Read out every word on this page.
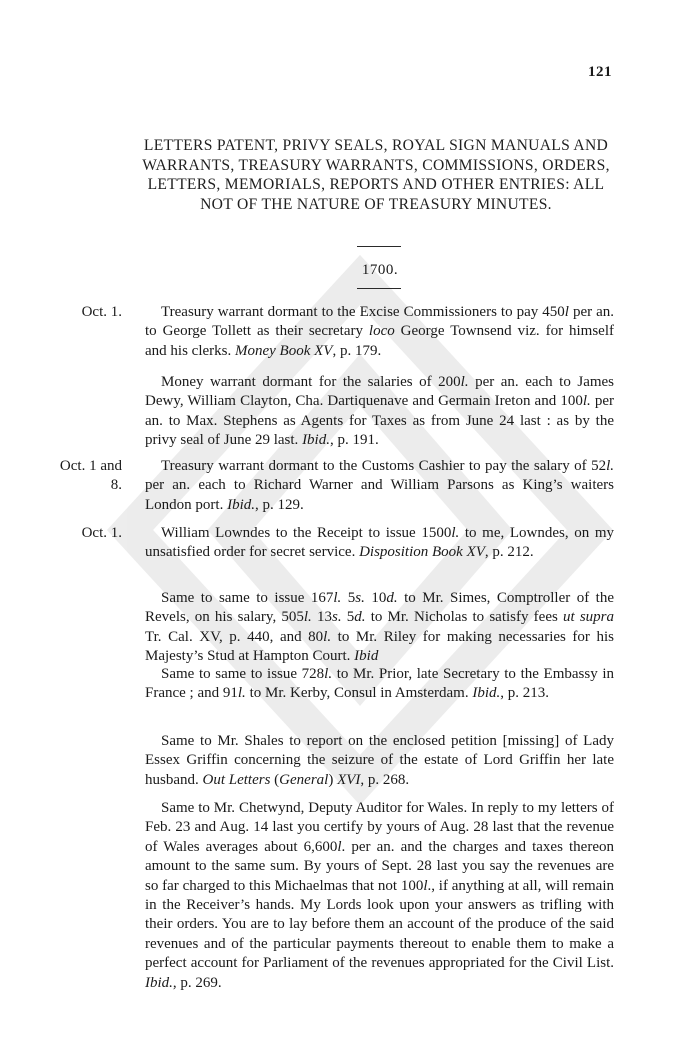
121
LETTERS PATENT, PRIVY SEALS, ROYAL SIGN MANUALS AND WARRANTS, TREASURY WARRANTS, COMMISSIONS, ORDERS, LETTERS, MEMORIALS, REPORTS AND OTHER ENTRIES: ALL NOT OF THE NATURE OF TREASURY MINUTES.
1700.
Oct. 1.	Treasury warrant dormant to the Excise Commissioners to pay 450l per an. to George Tollett as their secretary loco George Townsend viz. for himself and his clerks. Money Book XV, p. 179.
Money warrant dormant for the salaries of 200l. per an. each to James Dewy, William Clayton, Cha. Dartiquenave and Germain Ireton and 100l. per an. to Max. Stephens as Agents for Taxes as from June 24 last : as by the privy seal of June 29 last. Ibid., p. 191.
Oct. 1 and
8.
Treasury warrant dormant to the Customs Cashier to pay the salary of 52l. per an. each to Richard Warner and William Parsons as King’s waiters London port. Ibid., p. 129.
Oct. 1.	William Lowndes to the Receipt to issue 1500l. to me, Lowndes, on my unsatisfied order for secret service. Disposition Book XV, p. 212.
Same to same to issue 167l. 5s. 10d. to Mr. Simes, Comptroller of the Revels, on his salary, 505l. 13s. 5d. to Mr. Nicholas to satisfy fees ut supra Tr. Cal. XV, p. 440, and 80l. to Mr. Riley for making necessaries for his Majesty’s Stud at Hampton Court. Ibid
Same to same to issue 728l. to Mr. Prior, late Secretary to the Embassy in France ; and 91l. to Mr. Kerby, Consul in Amsterdam. Ibid., p. 213.
Same to Mr. Shales to report on the enclosed petition [missing] of Lady Essex Griffin concerning the seizure of the estate of Lord Griffin her late husband. Out Letters (General) XVI, p. 268.
Same to Mr. Chetwynd, Deputy Auditor for Wales. In reply to my letters of Feb. 23 and Aug. 14 last you certify by yours of Aug. 28 last that the revenue of Wales averages about 6,600l. per an. and the charges and taxes thereon amount to the same sum. By yours of Sept. 28 last you say the revenues are so far charged to this Michaelmas that not 100l., if anything at all, will remain in the Receiver’s hands. My Lords look upon your answers as trifling with their orders. You are to lay before them an account of the produce of the said revenues and of the particular payments thereout to enable them to make a perfect account for Parliament of the revenues appropriated for the Civil List. Ibid., p. 269.
